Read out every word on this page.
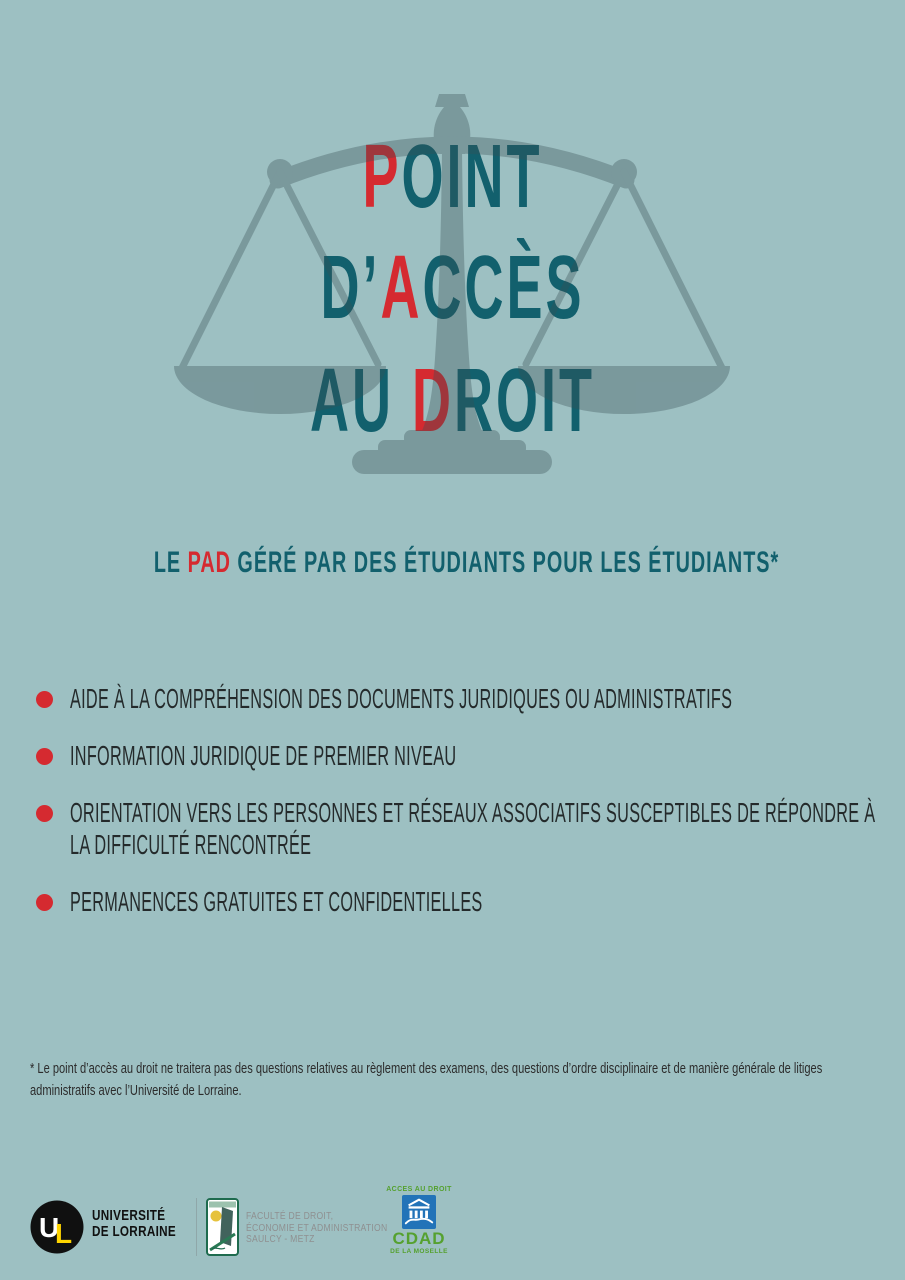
POINT
D’ACCÈS
AU DROIT
LE PAD GÉRÉ PAR DES ÉTUDIANTS POUR LES ÉTUDIANTS*
AIDE À LA COMPRÉHENSION DES DOCUMENTS JURIDIQUES OU ADMINISTRATIFS
INFORMATION JURIDIQUE DE PREMIER NIVEAU
ORIENTATION VERS LES PERSONNES ET RÉSEAUX ASSOCIATIFS SUSCEPTIBLES DE RÉPONDRE À LA DIFFICULTÉ RENCONTRÉE
PERMANENCES GRATUITES ET CONFIDENTIELLES
* Le point d’accès au droit ne traitera pas des questions relatives au règlement des examens, des questions d’ordre disciplinaire et de manière générale de litiges
administratifs avec l’Université de Lorraine.
U
L
UNIVERSITÉ
DE LORRAINE
FACULTÉ DE DROIT,
ÉCONOMIE ET ADMINISTRATION
SAULCY - METZ
ACCES AU DROIT
CDAD
DE LA MOSELLE
